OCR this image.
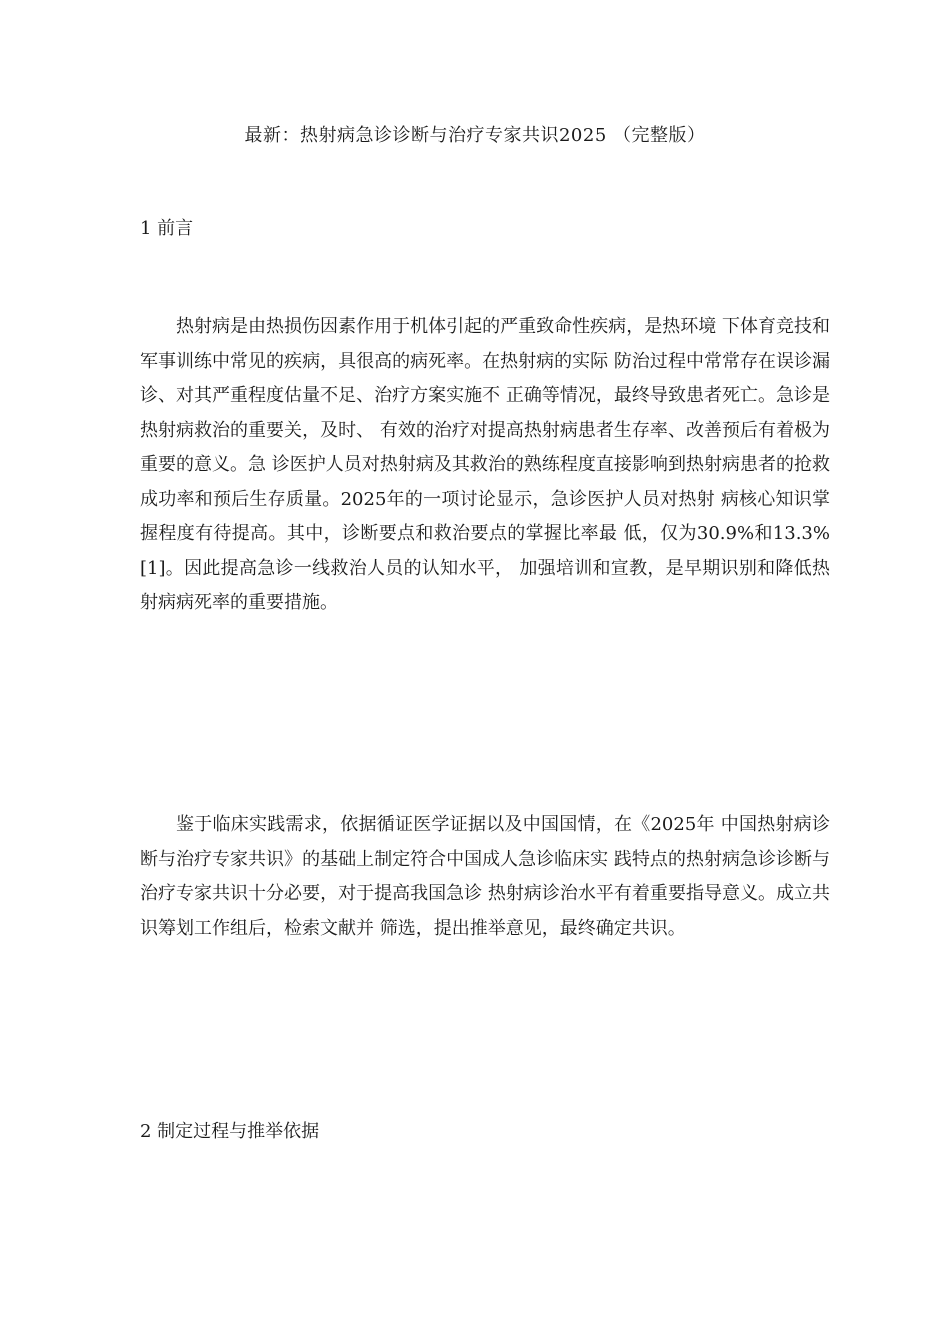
最新：热射病急诊诊断与治疗专家共识2025 （完整版）
1 前言

热射病是由热损伤因素作用于机体引起的严重致命性疾病，是热环境 下体育竞技和军事训练中常见的疾病，具很高的病死率。在热射病的实际 防治过程中常常存在误诊漏诊、对其严重程度估量不足、治疗方案实施不 正确等情况，最终导致患者死亡。急诊是热射病救治的重要关，及时、 有效的治疗对提高热射病患者生存率、改善预后有着极为重要的意义。急 诊医护人员对热射病及其救治的熟练程度直接影响到热射病患者的抢救 成功率和预后生存质量。2025年的一项讨论显示，急诊医护人员对热射 病核心知识掌握程度有待提高。其中，诊断要点和救治要点的掌握比率最 低，仅为30.9%和13.3% [1]。因此提高急诊一线救治人员的认知水平， 加强培训和宣教，是早期识别和降低热射病病死率的重要措施。

鉴于临床实践需求，依据循证医学证据以及中国国情，在《2025年 中国热射病诊断与治疗专家共识》的基础上制定符合中国成人急诊临床实 践特点的热射病急诊诊断与治疗专家共识十分必要，对于提高我国急诊 热射病诊治水平有着重要指导意义。成立共识筹划工作组后，检索文献并 筛选，提出推举意见，最终确定共识。

2 制定过程与推举依据
